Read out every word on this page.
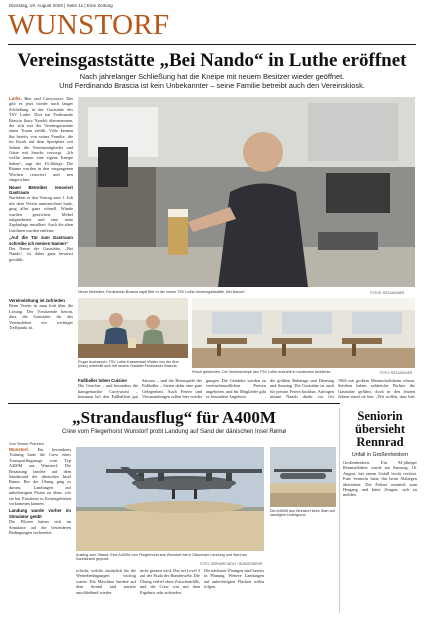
Dienstag, 19. August 2025 | Seite 11 | Eine Zeitung
WUNSTORF
Vereinsgaststätte „Bei Nando“ in Luthe eröffnet
Nach jahrelanger Schließung hat die Kneipe mit neuem Besitzer wieder geöffnet.
Und Ferdinando Brascia ist kein Unbekannter – seine Familie betreibt auch den Vereinskiosk.
Luthe. Bier und Currywurst: Das gibt es jetzt wieder nach langer Schließung in der Gaststätte des TSV Luthe. Dort hat Ferdinando Brascia (kurz Nando) übernommen, der sich mit der Vereinsgaststätte einen Traum erfüllt. Viele kennen ihn bereits von seiner Familie, die im Kiosk auf dem Sportplatz seit Jahren die Vereinsmitglieder und Gäste mit Snacks versorgt. „Ich wollte immer eine eigene Kneipe haben“, sagt der 43-Jährige. Die Räume wurden in den vergangenen Wochen renoviert und neu eingerichtet.
Neuer Betreiber renoviert Gastraum
Nachdem er den Vertrag zum 1. Juli mit dem Verein unterzeichnet hatte, ging alles ganz schnell. Wände wurden gestrichen, Möbel aufgearbeitet und eine neue Zapfanlage installiert. Auch die alten Gardinen wurden entfernt.
„Auf die Tür zum Gastraum schreibe ich meinen Namen“
Der Name der Gaststätte, „Bei Nando“, ist dabei ganz bewusst gewählt.
Neuer Betreiber: Ferdinando Brascia zapft Bier in der neuen TSV Luthe-Vereinsgaststätte „Bei Nando“.	FOTOS: RITA MAGNER
Vereinsleitung ist zufrieden
Beim Verein ist man froh über die Lösung. Der Vorsitzende betont, dass die Gaststätte für das Vereinsleben ein wichtiger Treffpunkt ist.
Roger Audoarsch: TSV Luthe-Kassenwart Walter von der Ahe (links) unterhält sich mit neuem Gastwirt Ferdinando Brascia.
Frisch gestrichen: Die Vereinskneipe des TSV Luthe erstrahlt in modernem Ambiente.	FOTO: RITA MAGNER
Fußballer loben Cuisine
Die Gerichte – und besonders die hausgemachte Currywurst – kommen bei den Fußballern gut
Saisons – und die Heimspiele der Fußballer – bieten dafür eine gute Gelegenheit. Auch Feiern und Versammlungen sollen hier wieder
gungen. Die Getränke werden zu vereinsfreundlichen Preisen angeboten, und für Mitglieder gibt es besondere Angebote.
die größten Ruhetage und Dienstag und Sonntag. Die Gaststätte ist auch für private Feiern buchbar, Anfragen nimmt Nando direkt vor Ort
1966 mit großem Mannschaftsheim erbaut. Seitdem haben zahlreiche Pächter die Gaststätte geführt, doch in den letzten Jahren stand sie leer. „Wir wollen, dass hier
„Strandausflug“ für A400M
Crew vom Fliegerhorst Wunstorf probt Landung auf Sand der dänischen Insel Rømø
Von Simon Poirelch
Wunstorf. Ein besonderes Training hatte die Crew eines Transportflugzeugs vom Typ A400M aus Wunstorf: Die Besatzung landete auf dem Sandstrand der dänischen Insel Rømø. Bei der Übung ging es darum, Landungen auf unbefestigten Pisten zu üben, wie sie bei Einsätzen in Krisengebieten vorkommen können.
Landung wurde vorher im Simulator geübt
Die Piloten hatten sich im Simulator auf die besonderen Bedingungen vorbereitet.
Ausflug zum Strand: Eine A400M vom Fliegerhorst aus Wunstorf hat in Dänemark Landung und Start am Sandstrand geprobt.
FOTO: GERHARD WOLF / BUNDESWEHR
schickt, welche zusätzlich für die Wetterbedingungen wichtig waren. Die Maschine landete auf dem Strand und startete anschließend wieder.
nicht gesamt wird. Das sei Level 3 auf der Skala der Bundeswehr. Die Übung verlief ohne Zwischenfälle, und die Crew war mit dem Ergebnis sehr zufrieden.
Die nächsten Übungen sind bereits in Planung. Weitere Landungen auf unbefestigten Flächen sollen folgen.
Die A400M aus Wunstorf beim Start auf sandigem Untergrund.
Seniorin übersieht Rennrad
Unfall in Großenheidorn
Großenheidorn. Ein 94-jähriger Rennradfahrer wurde am Samstag, 16. August, bei einem Unfall leicht verletzt. Eine Seniorin hatte ihn beim Abbiegen übersehen. Die Polizei ermittelt zum Hergang und bittet Zeugen, sich zu melden.
